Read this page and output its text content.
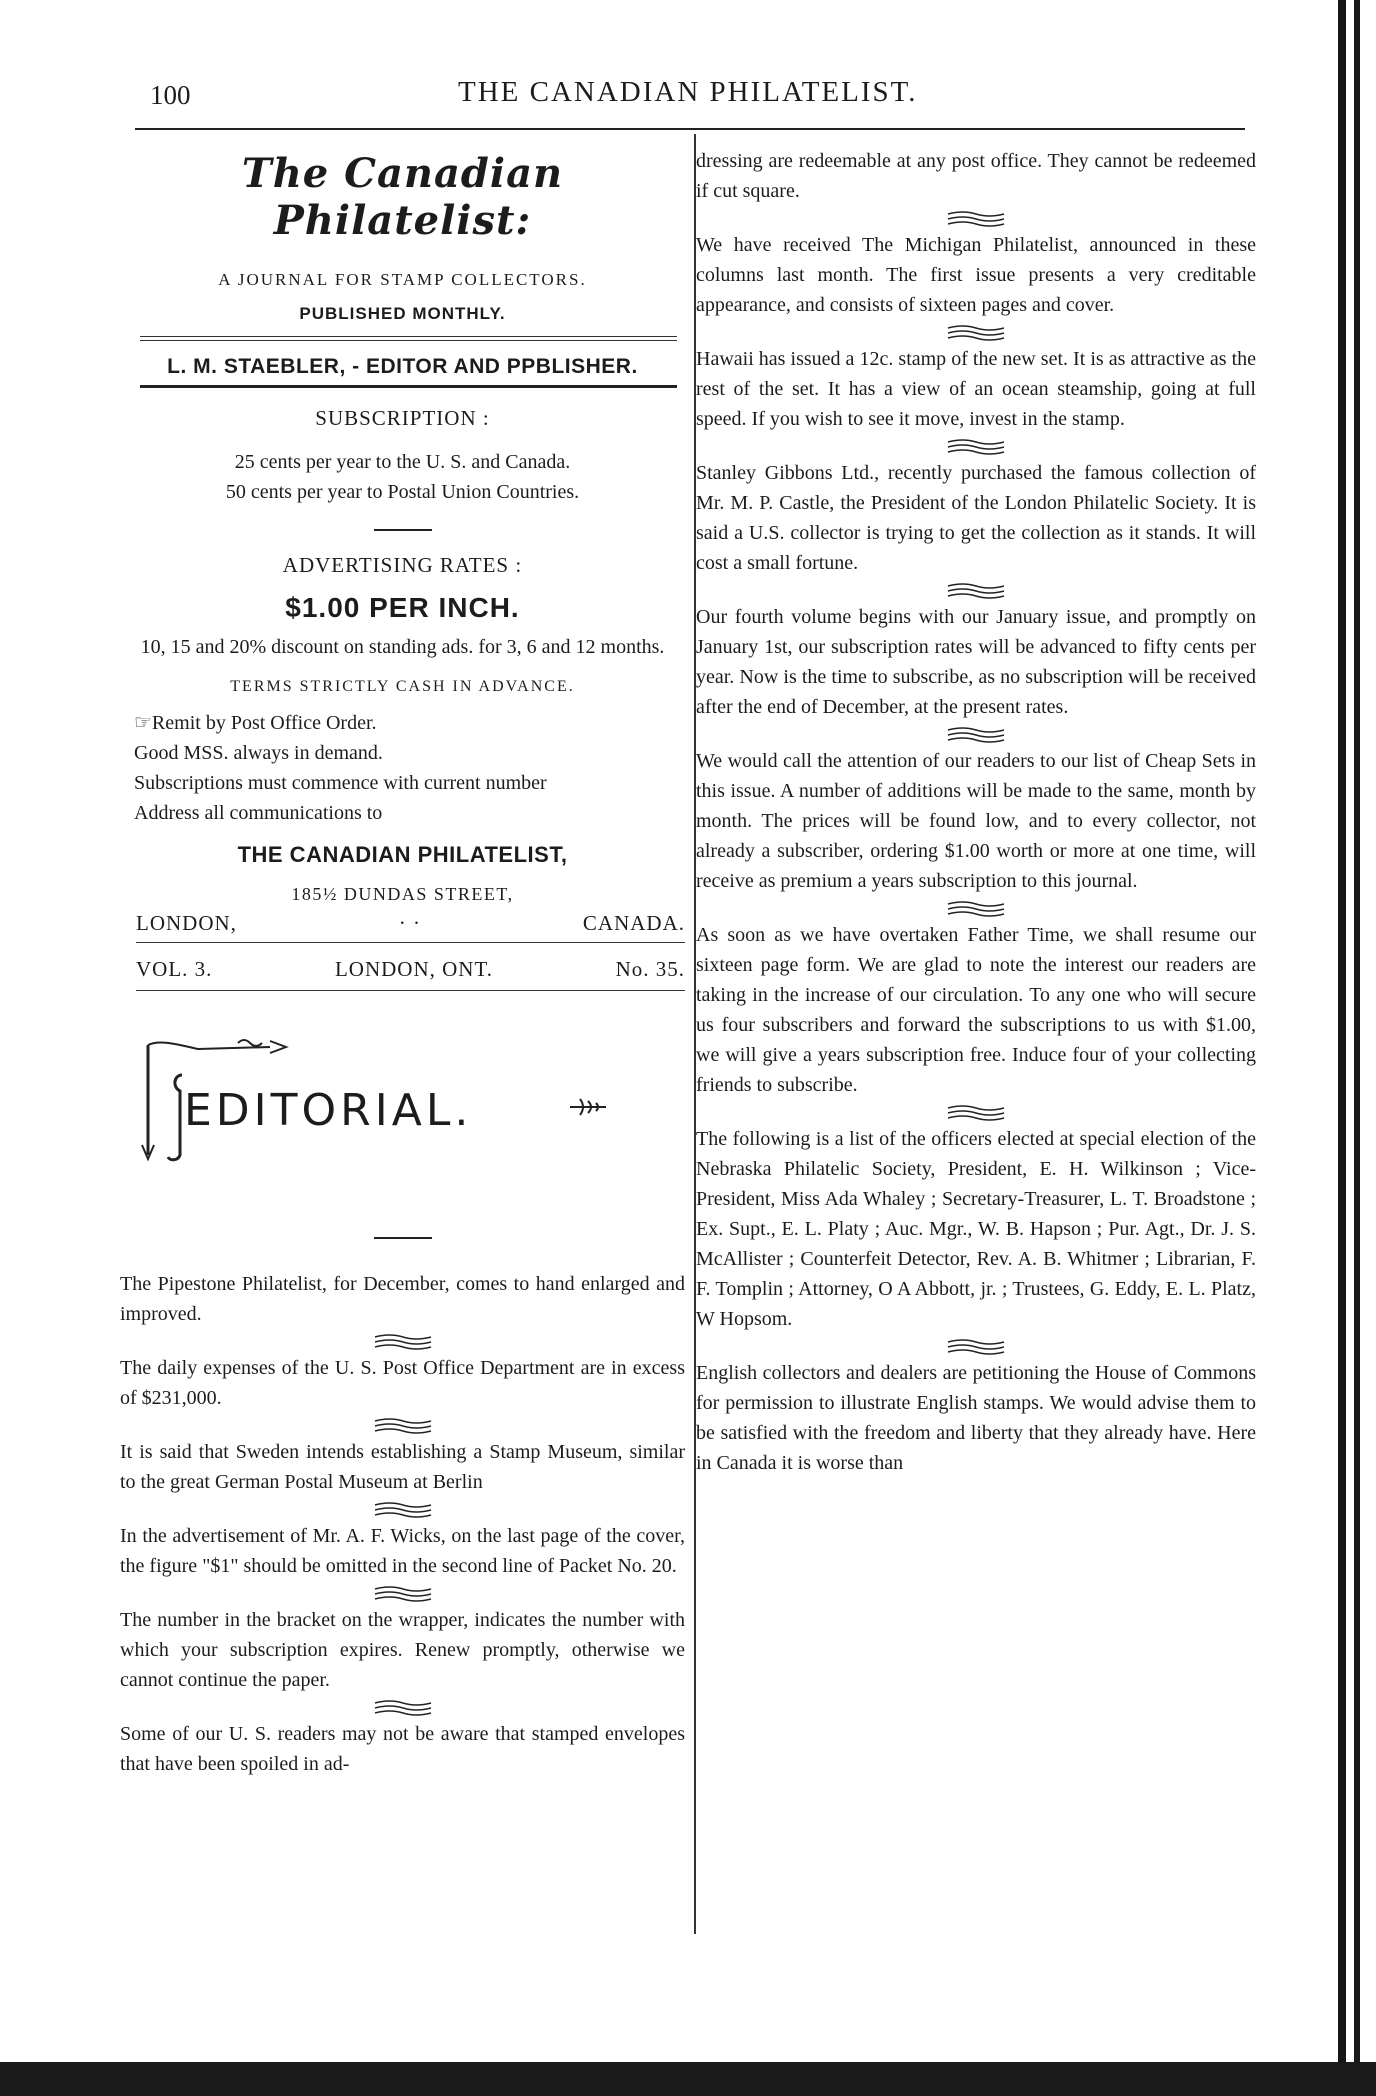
100	THE CANADIAN PHILATELIST.
The Canadian Philatelist:
A JOURNAL FOR STAMP COLLECTORS.
PUBLISHED MONTHLY.
L. M. STAEBLER, - EDITOR AND PPBLISHER.
SUBSCRIPTION :
25 cents per year to the U. S. and Canada.
50 cents per year to Postal Union Countries.
ADVERTISING RATES :
$1.00 PER INCH.
10, 15 and 20% discount on standing ads. for 3, 6 and 12 months.
TERMS STRICTLY CASH IN ADVANCE.
☞Remit by Post Office Order.
Good MSS. always in demand.
Subscriptions must commence with current number
Address all communications to
THE CANADIAN PHILATELIST,
185½ DUNDAS STREET,
LONDON,	· ·	CANADA.
VOL. 3.	LONDON, ONT.	No. 35.
EDITORIAL.
The Pipestone Philatelist, for December, comes to hand enlarged and improved.
The daily expenses of the U. S. Post Office Department are in excess of $231,000.
It is said that Sweden intends establishing a Stamp Museum, similar to the great German Postal Museum at Berlin
In the advertisement of Mr. A. F. Wicks, on the last page of the cover, the figure "$1" should be omitted in the second line of Packet No. 20.
The number in the bracket on the wrapper, indicates the number with which your subscription expires. Renew promptly, otherwise we cannot continue the paper.
Some of our U. S. readers may not be aware that stamped envelopes that have been spoiled in ad-
dressing are redeemable at any post office. They cannot be redeemed if cut square.
We have received The Michigan Philatelist, announced in these columns last month. The first issue presents a very creditable appearance, and consists of sixteen pages and cover.
Hawaii has issued a 12c. stamp of the new set. It is as attractive as the rest of the set. It has a view of an ocean steamship, going at full speed. If you wish to see it move, invest in the stamp.
Stanley Gibbons Ltd., recently purchased the famous collection of Mr. M. P. Castle, the President of the London Philatelic Society. It is said a U.S. collector is trying to get the collection as it stands. It will cost a small fortune.
Our fourth volume begins with our January issue, and promptly on January 1st, our subscription rates will be advanced to fifty cents per year. Now is the time to subscribe, as no subscription will be received after the end of December, at the present rates.
We would call the attention of our readers to our list of Cheap Sets in this issue. A number of additions will be made to the same, month by month. The prices will be found low, and to every collector, not already a subscriber, ordering $1.00 worth or more at one time, will receive as premium a years subscription to this journal.
As soon as we have overtaken Father Time, we shall resume our sixteen page form. We are glad to note the interest our readers are taking in the increase of our circulation. To any one who will secure us four subscribers and forward the subscriptions to us with $1.00, we will give a years subscription free. Induce four of your collecting friends to subscribe.
The following is a list of the officers elected at special election of the Nebraska Philatelic Society, President, E. H. Wilkinson ; Vice-President, Miss Ada Whaley ; Secretary-Treasurer, L. T. Broadstone ; Ex. Supt., E. L. Platy ; Auc. Mgr., W. B. Hapson ; Pur. Agt., Dr. J. S. McAllister ; Counterfeit Detector, Rev. A. B. Whitmer ; Librarian, F. F. Tomplin ; Attorney, O A Abbott, jr. ; Trustees, G. Eddy, E. L. Platz, W Hopsom.
English collectors and dealers are petitioning the House of Commons for permission to illustrate English stamps. We would advise them to be satisfied with the freedom and liberty that they already have. Here in Canada it is worse than
